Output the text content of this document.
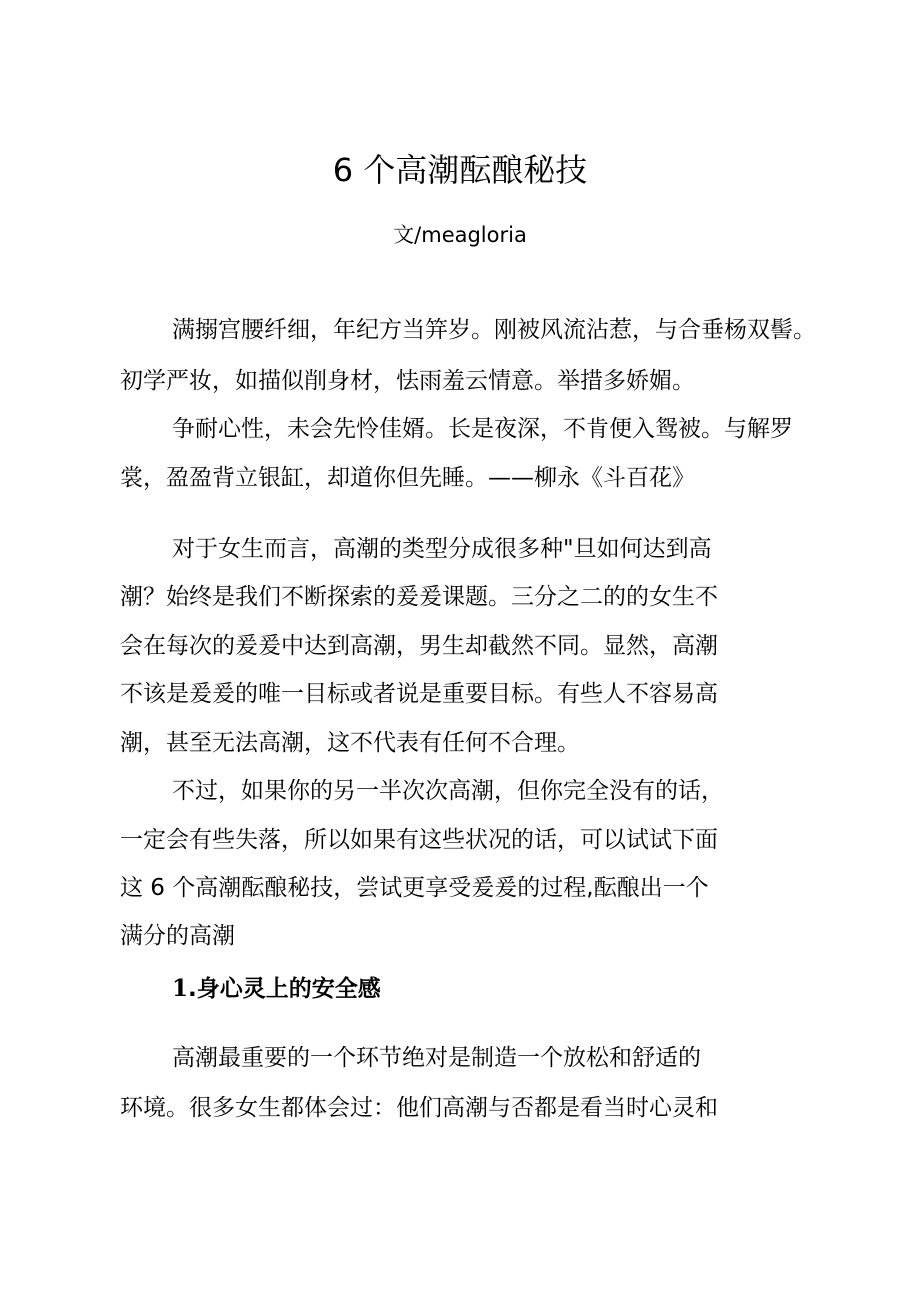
6 个高潮酝酿秘技
文/meagloria
满搦宫腰纤细，年纪方当笄岁。刚被风流沾惹，与合垂杨双髻。
初学严妆，如描似削身材，怯雨羞云情意。举措多娇媚。
争耐心性，未会先怜佳婿。长是夜深，不肯便入鸳被。与解罗
裳，盈盈背立银缸，却道你但先睡。——柳永《斗百花》
对于女生而言，高潮的类型分成很多种"旦如何达到高
潮？始终是我们不断探索的爰爰课题。三分之二的的女生不
会在每次的爰爰中达到高潮，男生却截然不同。显然，高潮
不该是爰爰的唯一目标或者说是重要目标。有些人不容易高
潮，甚至无法高潮，这不代表有任何不合理。
不过，如果你的另一半次次高潮，但你完全没有的话，
一定会有些失落，所以如果有这些状况的话，可以试试下面
这 6 个高潮酝酿秘技，尝试更享受爰爰的过程,酝酿出一个
满分的高潮
1.身心灵上的安全感
高潮最重要的一个环节绝对是制造一个放松和舒适的
环境。很多女生都体会过：他们高潮与否都是看当时心灵和
